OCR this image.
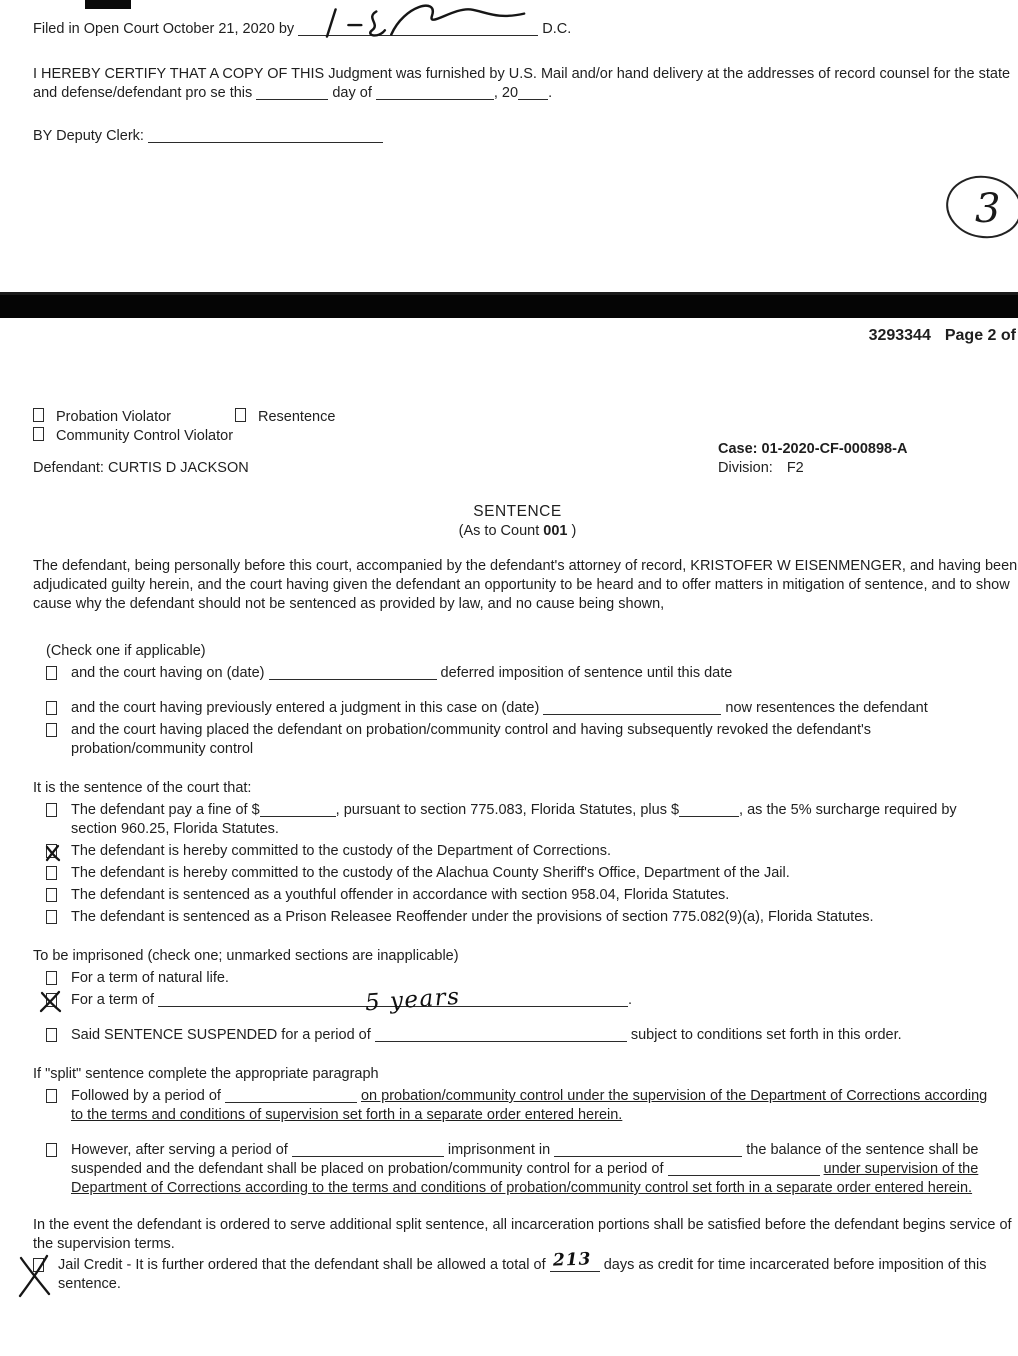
Filed in Open Court October 21, 2020 by	D.C.

I HEREBY CERTIFY THAT A COPY OF THIS Judgment was furnished by U.S. Mail and/or hand delivery at the addresses of record counsel for the state and defense/defendant pro se this	day of	, 20 .

BY Deputy Clerk:
3
3293344 Page 2 of
Probation Violator	Resentence
Community Control Violator
Defendant: CURTIS D JACKSON
Case: 01-2020-CF-000898-A
Division: F2
SENTENCE
(As to Count 001 )

The defendant, being personally before this court, accompanied by the defendant's attorney of record, KRISTOFER W EISENMENGER, and having been adjudicated guilty herein, and the court having given the defendant an opportunity to be heard and to offer matters in mitigation of sentence, and to show cause why the defendant should not be sentenced as provided by law, and no cause being shown,

(Check one if applicable)
and the court having on (date)	deferred imposition of sentence until this date
and the court having previously entered a judgment in this case on (date)	now resentences the defendant
and the court having placed the defendant on probation/community control and having subsequently revoked the defendant's probation/community control
It is the sentence of the court that:
The defendant pay a fine of $	, pursuant to section 775.083, Florida Statutes, plus $	, as the 5% surcharge required by section 960.25, Florida Statutes.
The defendant is hereby committed to the custody of the Department of Corrections.
The defendant is hereby committed to the custody of the Alachua County Sheriff's Office, Department of the Jail.
The defendant is sentenced as a youthful offender in accordance with section 958.04, Florida Statutes.
The defendant is sentenced as a Prison Releasee Reoffender under the provisions of section 775.082(9)(a), Florida Statutes.
To be imprisoned (check one; unmarked sections are inapplicable)
For a term of natural life.
For a term of	5 years	.
Said SENTENCE SUSPENDED for a period of	subject to conditions set forth in this order.
If "split" sentence complete the appropriate paragraph
Followed by a period of	on probation/community control under the supervision of the Department of Corrections according to the terms and conditions of supervision set forth in a separate order entered herein.
However, after serving a period of	imprisonment in	the balance of the sentence shall be suspended and the defendant shall be placed on probation/community control for a period of	under supervision of the Department of Corrections according to the terms and conditions of probation/community control set forth in a separate order entered herein.

In the event the defendant is ordered to serve additional split sentence, all incarceration portions shall be satisfied before the defendant begins service of the supervision terms.

Jail Credit - It is further ordered that the defendant shall be allowed a total of 213 days as credit for time incarcerated before imposition of this sentence.
